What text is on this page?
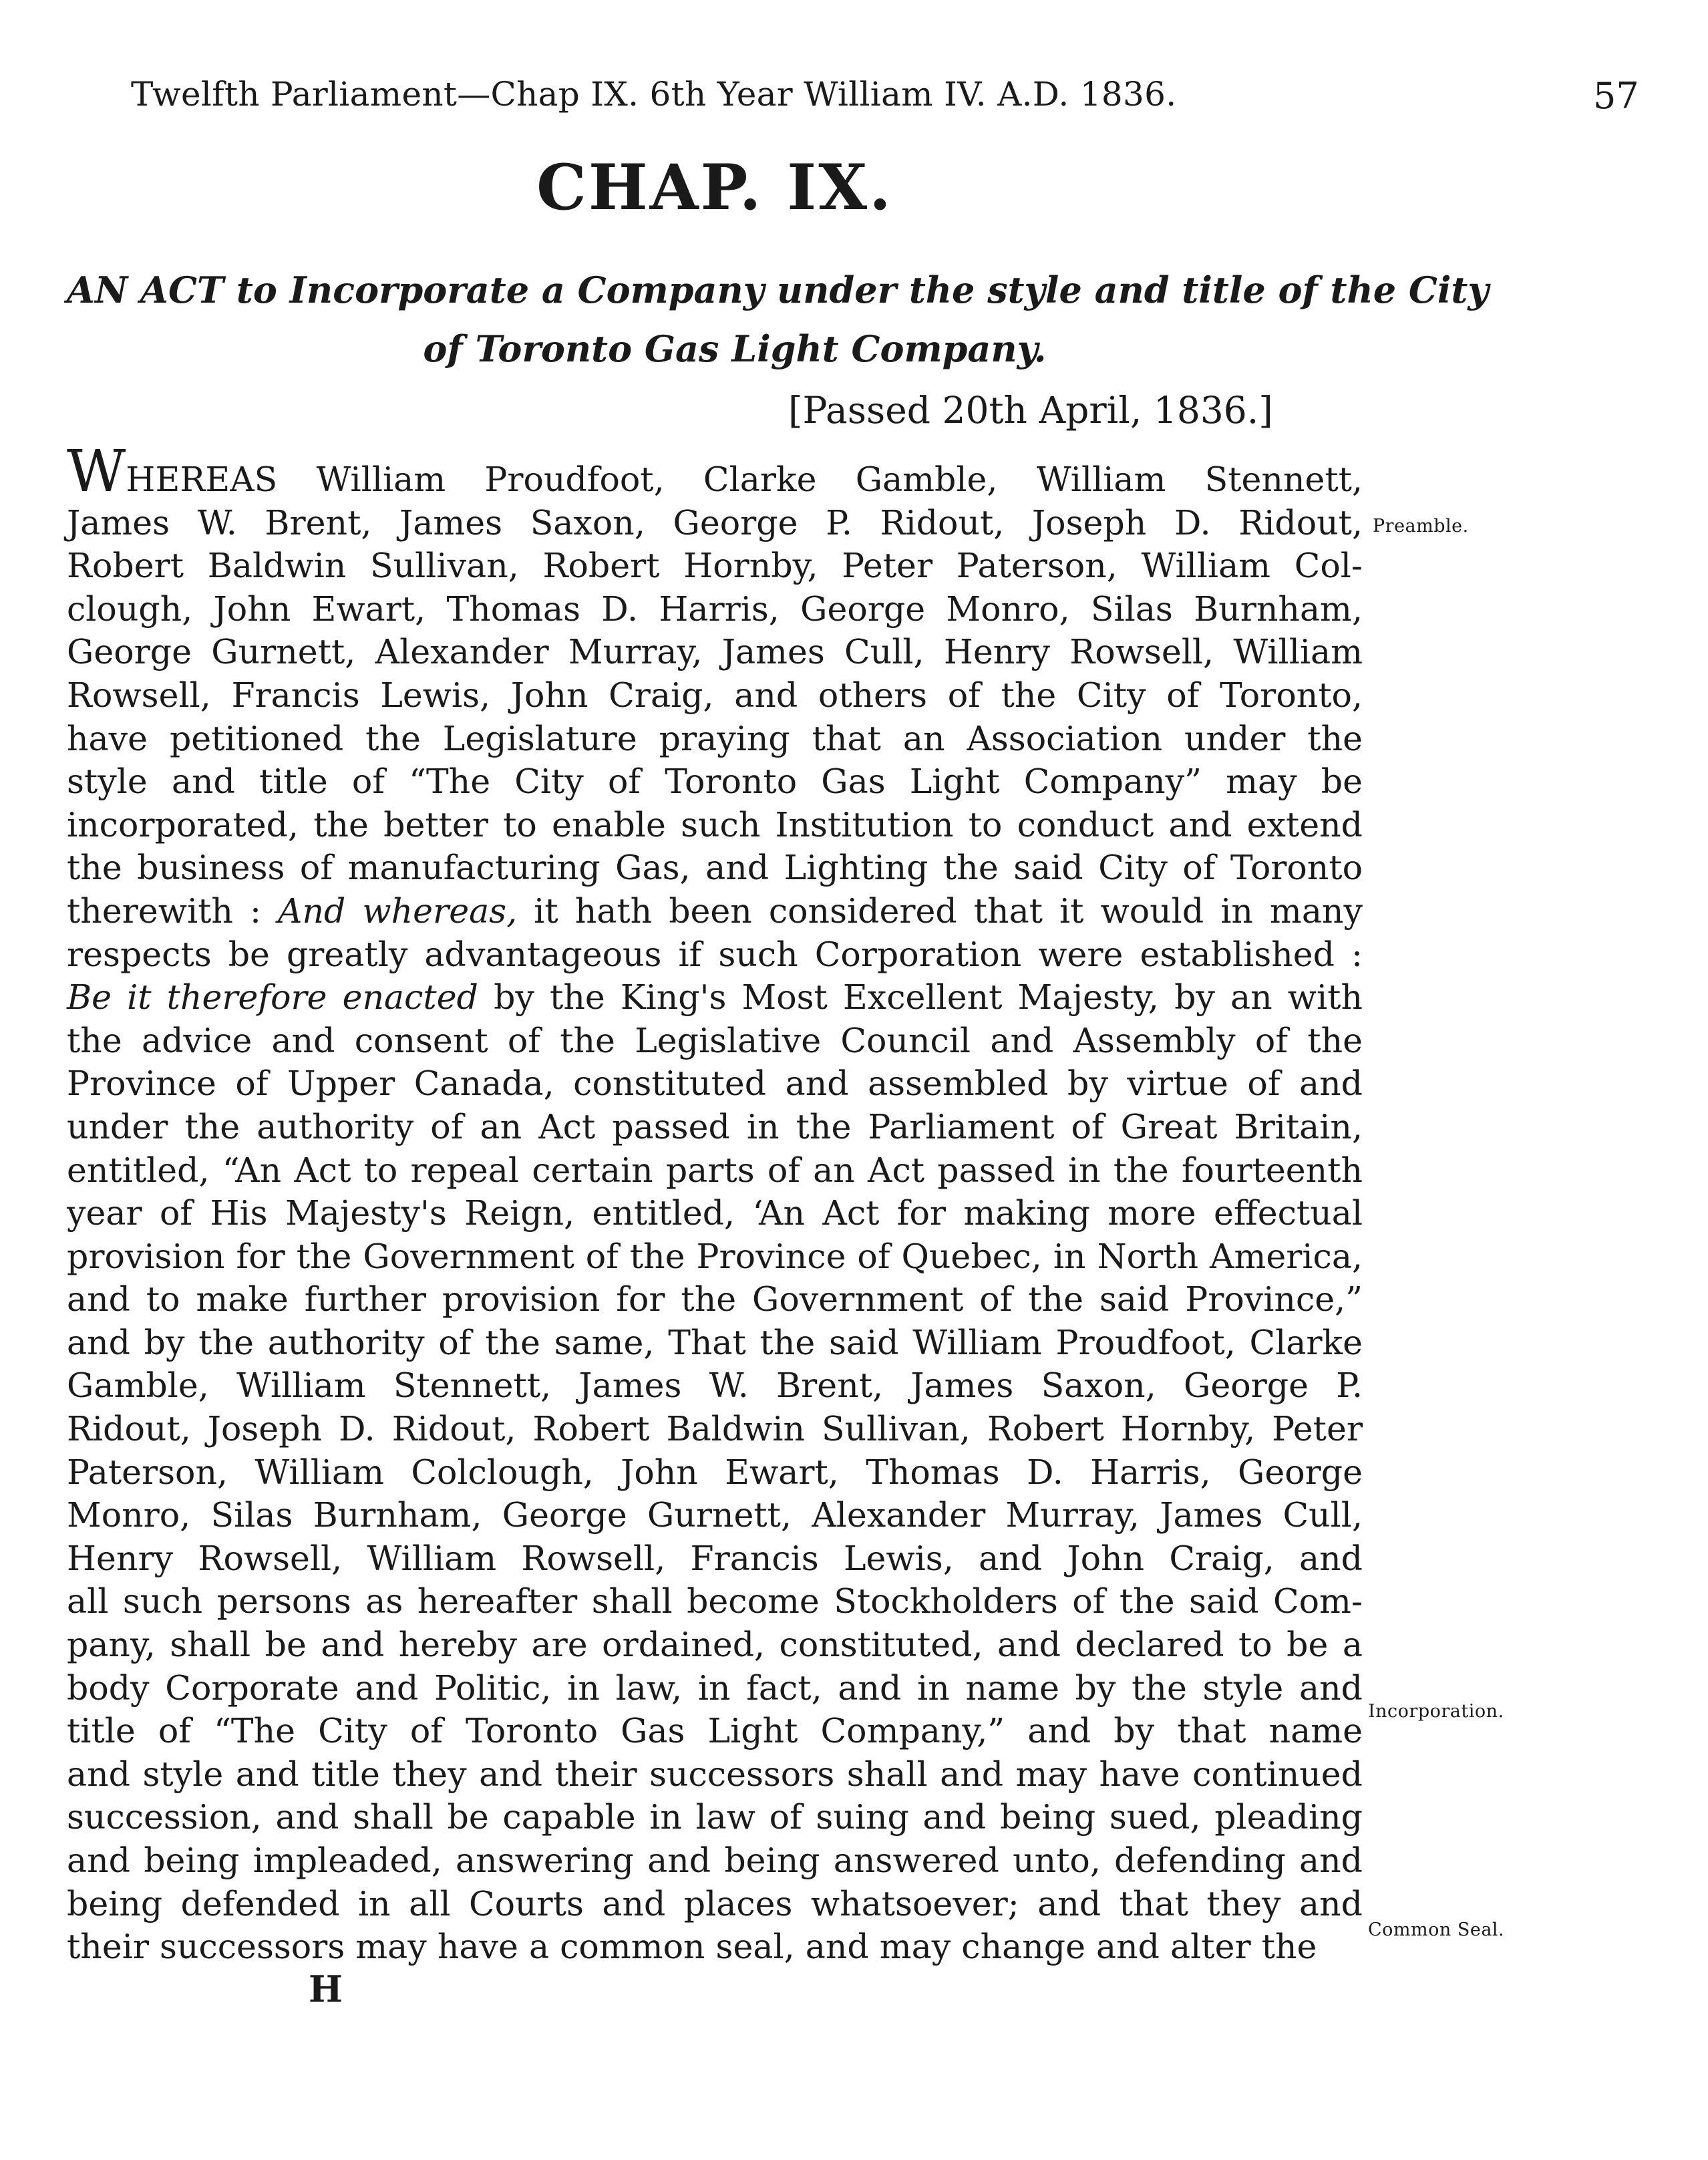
Twelfth Parliament—Chap IX. 6th Year William IV. A.D. 1836.	57
CHAP. IX.
AN ACT to Incorporate a Company under the style and title of the City
of Toronto Gas Light Company.
[Passed 20th April, 1836.]
WHEREAS William Proudfoot, Clarke Gamble, William Stennett,
James W. Brent, James Saxon, George P. Ridout, Joseph D. Ridout,
Robert Baldwin Sullivan, Robert Hornby, Peter Paterson, William Col-
clough, John Ewart, Thomas D. Harris, George Monro, Silas Burnham,
George Gurnett, Alexander Murray, James Cull, Henry Rowsell, William
Rowsell, Francis Lewis, John Craig, and others of the City of Toronto,
have petitioned the Legislature praying that an Association under the
style and title of “The City of Toronto Gas Light Company” may be
incorporated, the better to enable such Institution to conduct and extend
the business of manufacturing Gas, and Lighting the said City of Toronto
therewith : And whereas, it hath been considered that it would in many
respects be greatly advantageous if such Corporation were established :
Be it therefore enacted by the King's Most Excellent Majesty, by an with
the advice and consent of the Legislative Council and Assembly of the
Province of Upper Canada, constituted and assembled by virtue of and
under the authority of an Act passed in the Parliament of Great Britain,
entitled, “An Act to repeal certain parts of an Act passed in the fourteenth
year of His Majesty's Reign, entitled, ‘An Act for making more effectual
provision for the Government of the Province of Quebec, in North America,
and to make further provision for the Government of the said Province,”
and by the authority of the same, That the said William Proudfoot, Clarke
Gamble, William Stennett, James W. Brent, James Saxon, George P.
Ridout, Joseph D. Ridout, Robert Baldwin Sullivan, Robert Hornby, Peter
Paterson, William Colclough, John Ewart, Thomas D. Harris, George
Monro, Silas Burnham, George Gurnett, Alexander Murray, James Cull,
Henry Rowsell, William Rowsell, Francis Lewis, and John Craig, and
all such persons as hereafter shall become Stockholders of the said Com-
pany, shall be and hereby are ordained, constituted, and declared to be a
body Corporate and Politic, in law, in fact, and in name by the style and
title of “The City of Toronto Gas Light Company,” and by that name
and style and title they and their successors shall and may have continued
succession, and shall be capable in law of suing and being sued, pleading
and being impleaded, answering and being answered unto, defending and
being defended in all Courts and places whatsoever; and that they and
their successors may have a common seal, and may change and alter the
Preamble.
Incorporation.
Common Seal.
H
